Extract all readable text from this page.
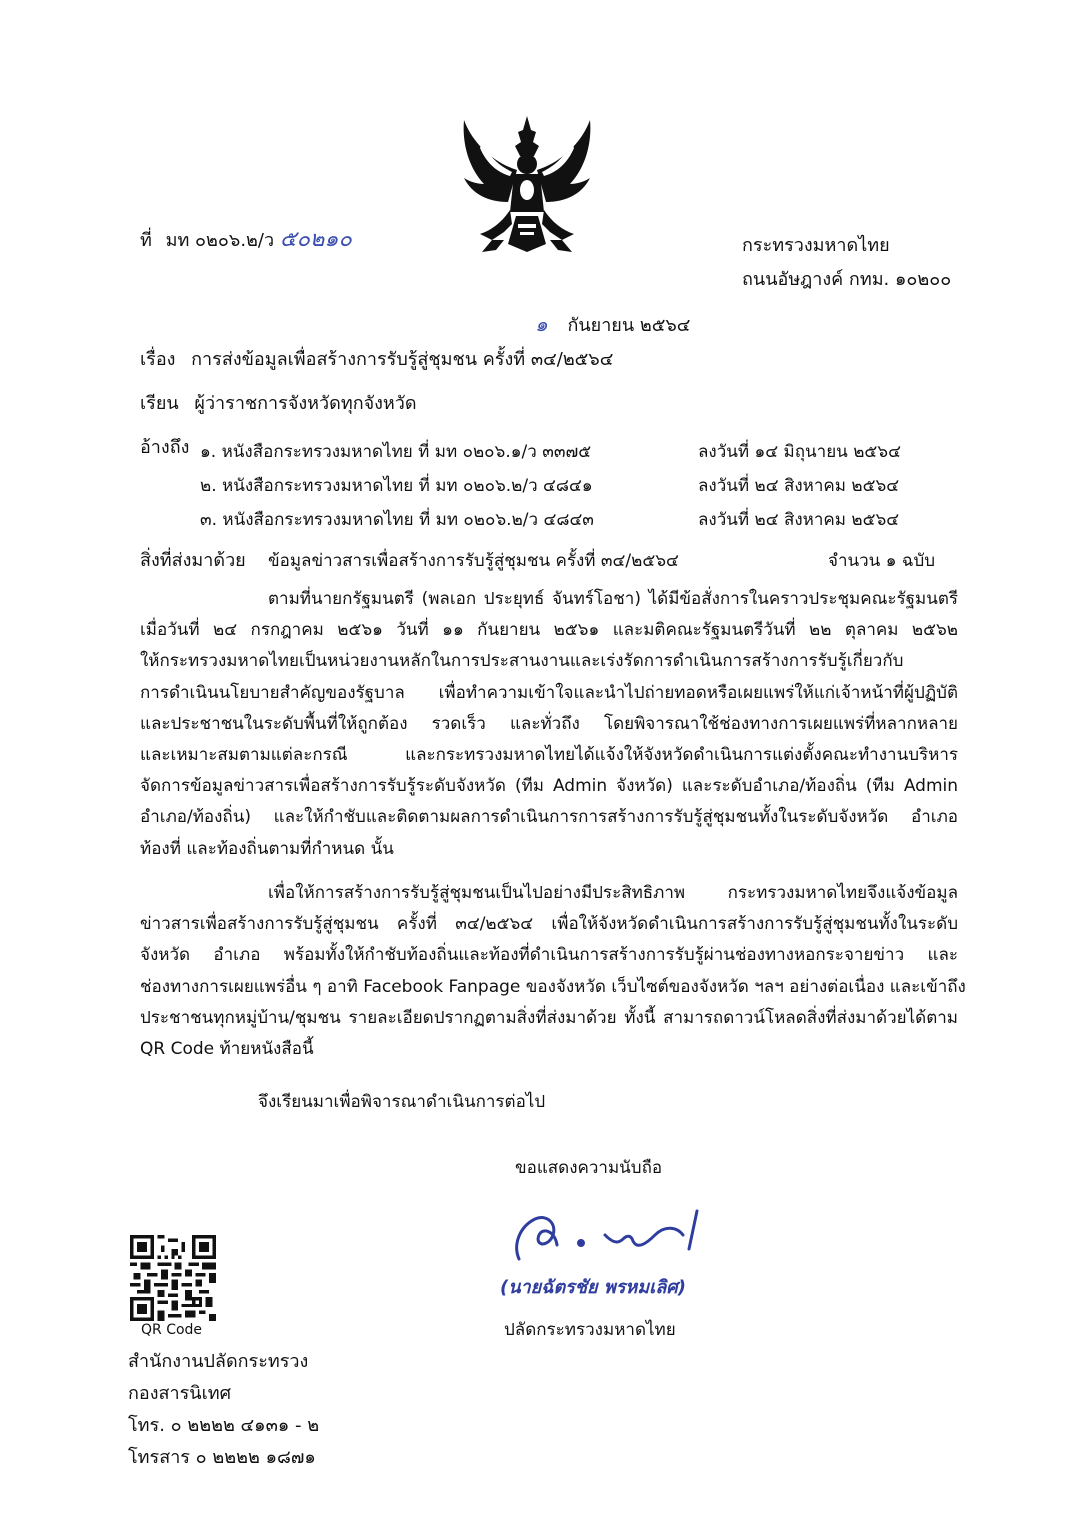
ที่ มท ๐๒๐๖.๒/ว ๕๐๒๑๐	กระทรวงมหาดไทย
ถนนอัษฎางค์ กทม. ๑๐๒๐๐
๑ กันยายน ๒๕๖๔
เรื่อง การส่งข้อมูลเพื่อสร้างการรับรู้สู่ชุมชน ครั้งที่ ๓๔/๒๕๖๔
เรียน ผู้ว่าราชการจังหวัดทุกจังหวัด
อ้างถึง ๑. หนังสือกระทรวงมหาดไทย ที่ มท ๐๒๐๖.๑/ว ๓๓๗๕	ลงวันที่ ๑๔ มิถุนายน ๒๕๖๔
๒. หนังสือกระทรวงมหาดไทย ที่ มท ๐๒๐๖.๒/ว ๔๘๔๑	ลงวันที่ ๒๔ สิงหาคม ๒๕๖๔
๓. หนังสือกระทรวงมหาดไทย ที่ มท ๐๒๐๖.๒/ว ๔๘๔๓	ลงวันที่ ๒๔ สิงหาคม ๒๕๖๔
สิ่งที่ส่งมาด้วย ข้อมูลข่าวสารเพื่อสร้างการรับรู้สู่ชุมชน ครั้งที่ ๓๔/๒๕๖๔	จำนวน ๑ ฉบับ
ตามที่นายกรัฐมนตรี (พลเอก ประยุทธ์ จันทร์โอชา) ได้มีข้อสั่งการในคราวประชุมคณะรัฐมนตรี
เมื่อวันที่ ๒๔ กรกฎาคม ๒๕๖๑ วันที่ ๑๑ กันยายน ๒๕๖๑ และมติคณะรัฐมนตรีวันที่ ๒๒ ตุลาคม ๒๕๖๒
ให้กระทรวงมหาดไทยเป็นหน่วยงานหลักในการประสานงานและเร่งรัดการดำเนินการสร้างการรับรู้เกี่ยวกับ
การดำเนินนโยบายสำคัญของรัฐบาล เพื่อทำความเข้าใจและนำไปถ่ายทอดหรือเผยแพร่ให้แก่เจ้าหน้าที่ผู้ปฏิบัติ
และประชาชนในระดับพื้นที่ให้ถูกต้อง รวดเร็ว และทั่วถึง โดยพิจารณาใช้ช่องทางการเผยแพร่ที่หลากหลาย
และเหมาะสมตามแต่ละกรณี และกระทรวงมหาดไทยได้แจ้งให้จังหวัดดำเนินการแต่งตั้งคณะทำงานบริหาร
จัดการข้อมูลข่าวสารเพื่อสร้างการรับรู้ระดับจังหวัด (ทีม Admin จังหวัด) และระดับอำเภอ/ท้องถิ่น (ทีม Admin
อำเภอ/ท้องถิ่น) และให้กำชับและติดตามผลการดำเนินการการสร้างการรับรู้สู่ชุมชนทั้งในระดับจังหวัด อำเภอ
ท้องที่ และท้องถิ่นตามที่กำหนด นั้น
เพื่อให้การสร้างการรับรู้สู่ชุมชนเป็นไปอย่างมีประสิทธิภาพ กระทรวงมหาดไทยจึงแจ้งข้อมูล
ข่าวสารเพื่อสร้างการรับรู้สู่ชุมชน ครั้งที่ ๓๔/๒๕๖๔ เพื่อให้จังหวัดดำเนินการสร้างการรับรู้สู่ชุมชนทั้งในระดับ
จังหวัด อำเภอ พร้อมทั้งให้กำชับท้องถิ่นและท้องที่ดำเนินการสร้างการรับรู้ผ่านช่องทางหอกระจายข่าว และ
ช่องทางการเผยแพร่อื่น ๆ อาทิ Facebook Fanpage ของจังหวัด เว็บไซต์ของจังหวัด ฯลฯ อย่างต่อเนื่อง และเข้าถึง
ประชาชนทุกหมู่บ้าน/ชุมชน รายละเอียดปรากฏตามสิ่งที่ส่งมาด้วย ทั้งนี้ สามารถดาวน์โหลดสิ่งที่ส่งมาด้วยได้ตาม
QR Code ท้ายหนังสือนี้
จึงเรียนมาเพื่อพิจารณาดำเนินการต่อไป
ขอแสดงความนับถือ
(นายฉัตรชัย พรหมเลิศ)
ปลัดกระทรวงมหาดไทย
QR Code
สำนักงานปลัดกระทรวง
กองสารนิเทศ
โทร. ๐ ๒๒๒๒ ๔๑๓๑ - ๒
โทรสาร ๐ ๒๒๒๒ ๑๘๗๑
